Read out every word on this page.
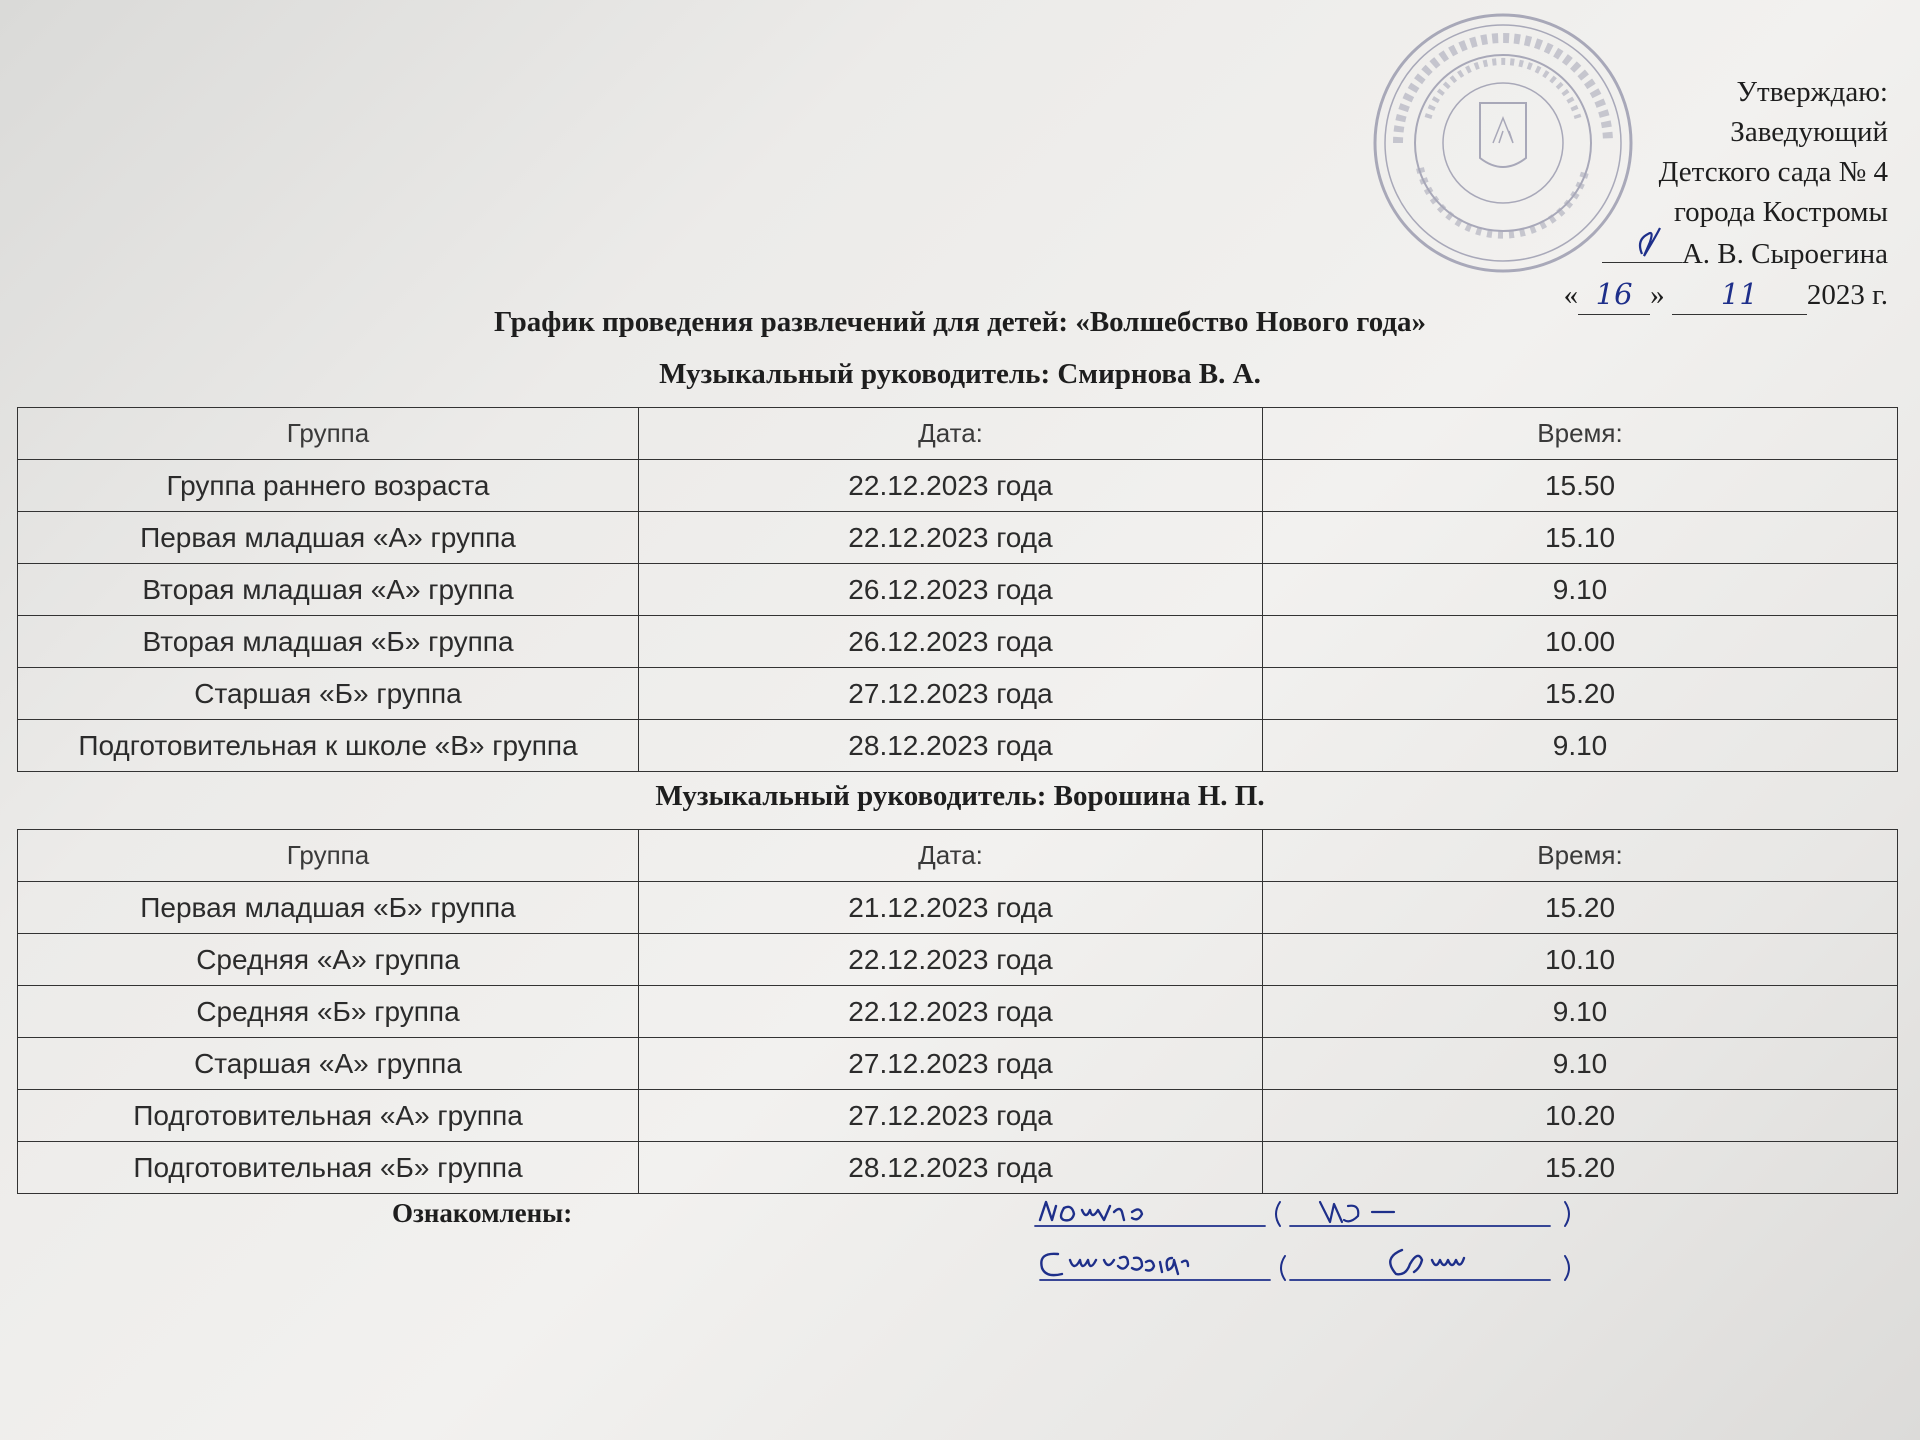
Утверждаю:
Заведующий
Детского сада № 4
города Костромы
А. В. Сыроегина
« 16 » 11 2023 г.
График проведения развлечений для детей: «Волшебство Нового года»
Музыкальный руководитель: Смирнова В. А.
Группа	Дата:	Время:
Группа раннего возраста	22.12.2023 года	15.50
Первая младшая «А» группа	22.12.2023 года	15.10
Вторая младшая «А» группа	26.12.2023 года	9.10
Вторая младшая «Б» группа	26.12.2023 года	10.00
Старшая «Б» группа	27.12.2023 года	15.20
Подготовительная к школе «В» группа	28.12.2023 года	9.10
Музыкальный руководитель: Ворошина Н. П.
Группа	Дата:	Время:
Первая младшая «Б» группа	21.12.2023 года	15.20
Средняя «А» группа	22.12.2023 года	10.10
Средняя «Б» группа	22.12.2023 года	9.10
Старшая «А» группа	27.12.2023 года	9.10
Подготовительная «А» группа	27.12.2023 года	10.20
Подготовительная «Б» группа	28.12.2023 года	15.20
Ознакомлены:
